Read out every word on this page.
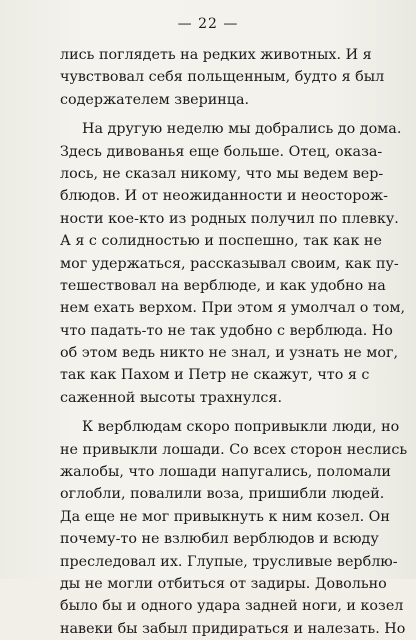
— 22 —
лись поглядеть на редких животных. И я
чувствовал себя польщенным, будто я был
содержателем зверинца.
На другую неделю мы добрались до дома.
Здесь дивованья еще больше. Отец, оказа-
лось, не сказал никому, что мы ведем вер-
блюдов. И от неожиданности и неосторож-
ности кое-кто из родных получил по плевку.
А я с солидностью и поспешно, так как не
мог удержаться, рассказывал своим, как пу-
тешествовал на верблюде, и как удобно на
нем ехать верхом. При этом я умолчал о том,
что падать-то не так удобно с верблюда. Но
об этом ведь никто не знал, и узнать не мог,
так как Пахом и Петр не скажут, что я с
саженной высоты трахнулся.
К верблюдам скоро попривыкли люди, но
не привыкли лошади. Со всех сторон неслись
жалобы, что лошади напугались, поломали
оглобли, повалили воза, пришибли людей.
Да еще не мог привыкнуть к ним козел. Он
почему-то не взлюбил верблюдов и всюду
преследовал их. Глупые, трусливые верблю-
ды не могли отбиться от задиры. Довольно
было бы и одного удара задней ноги, и козел
навеки бы забыл придираться и налезать. Но
